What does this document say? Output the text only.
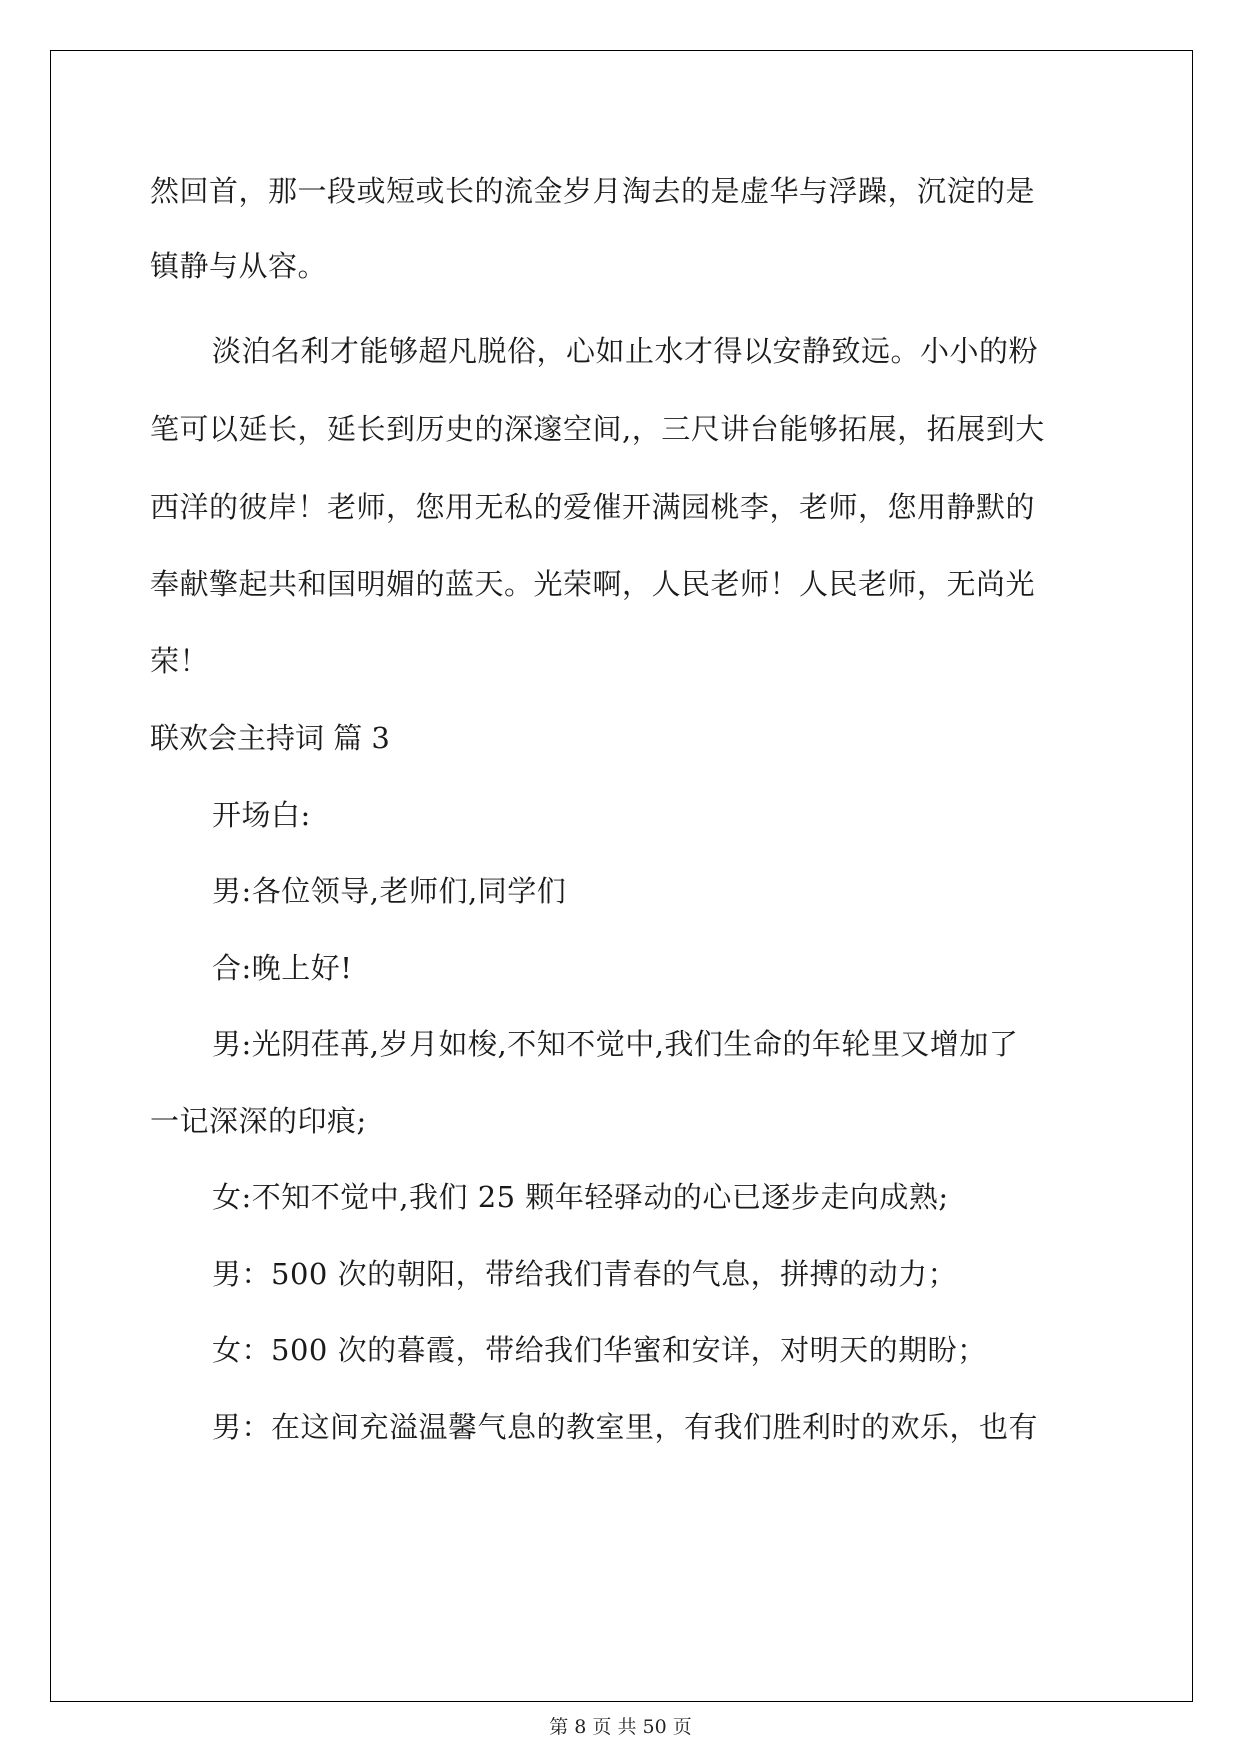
然回首，那一段或短或长的流金岁月淘去的是虚华与浮躁，沉淀的是
镇静与从容。
淡泊名利才能够超凡脱俗，心如止水才得以安静致远。小小的粉
笔可以延长，延长到历史的深邃空间,，三尺讲台能够拓展，拓展到大
西洋的彼岸！老师，您用无私的爱催开满园桃李，老师，您用静默的
奉献擎起共和国明媚的蓝天。光荣啊，人民老师！人民老师，无尚光
荣！
联欢会主持词 篇 3
开场白:
男:各位领导,老师们,同学们
合:晚上好!
男:光阴荏苒,岁月如梭,不知不觉中,我们生命的年轮里又增加了
一记深深的印痕;
女:不知不觉中,我们 25 颗年轻驿动的心已逐步走向成熟;
男：500 次的朝阳，带给我们青春的气息，拼搏的动力；
女：500 次的暮霞，带给我们华蜜和安详，对明天的期盼；
男：在这间充溢温馨气息的教室里，有我们胜利时的欢乐，也有
第 8 页 共 50 页
